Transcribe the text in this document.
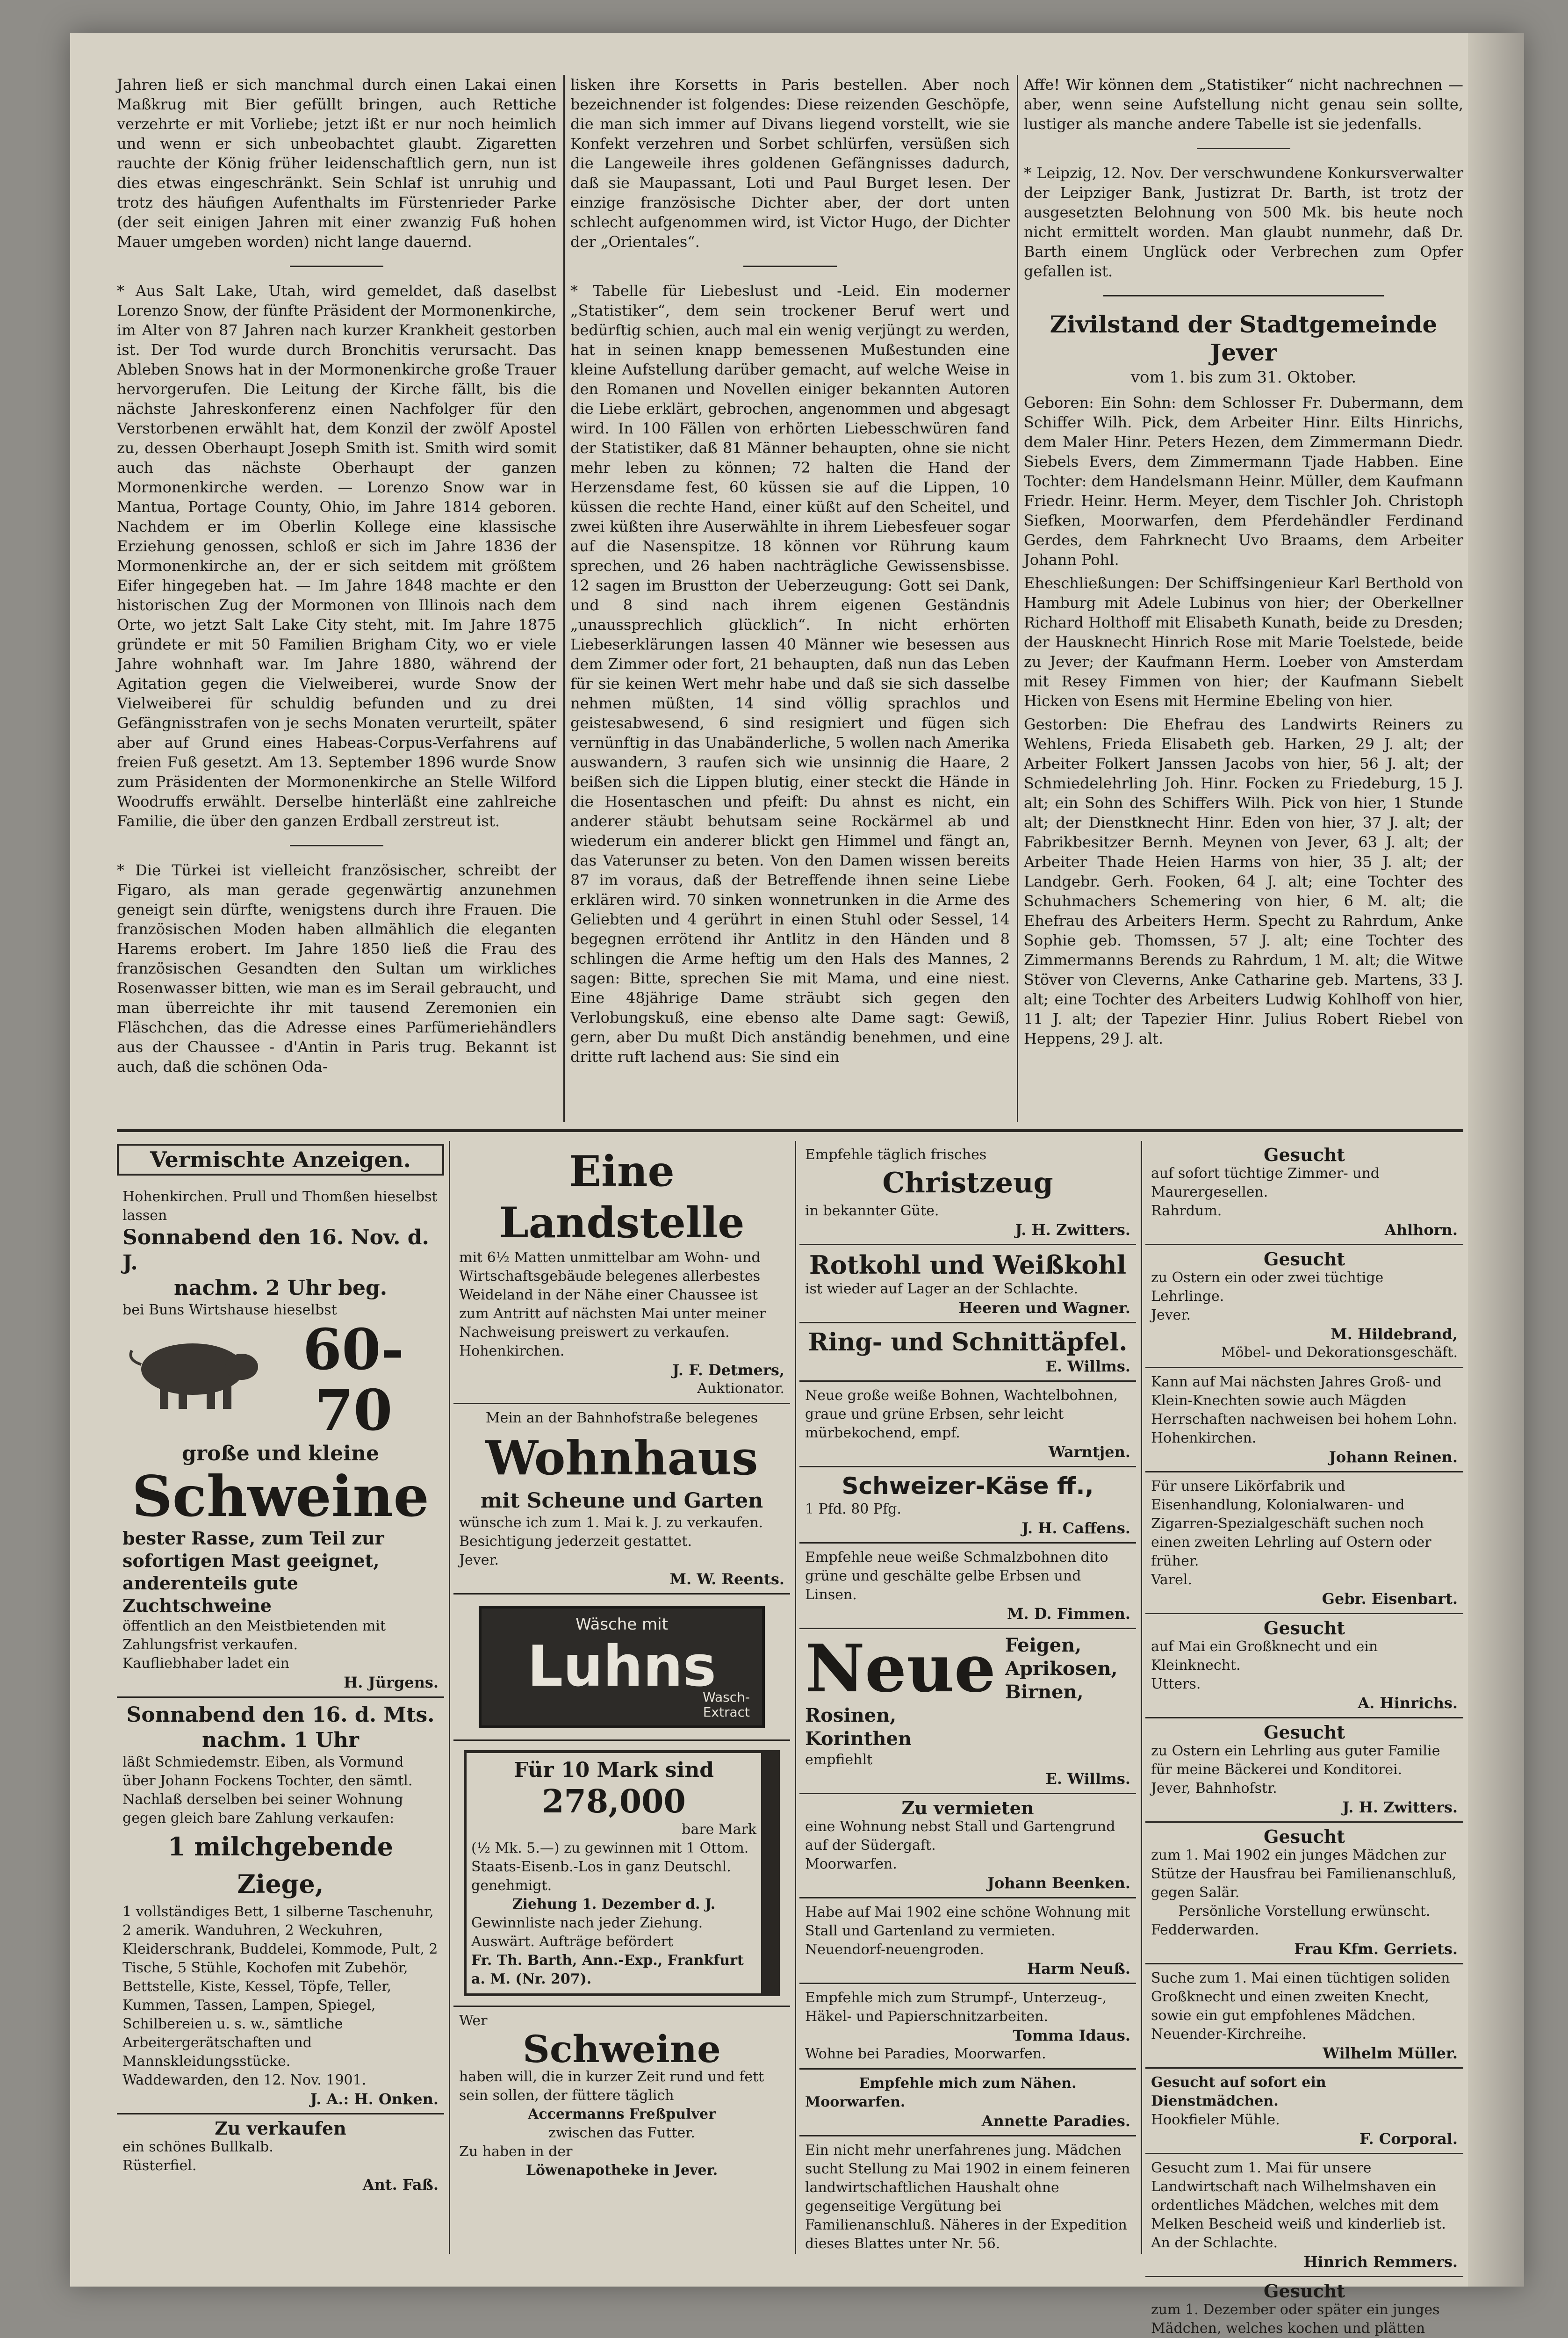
Jahren ließ er sich manchmal durch einen Lakai einen Maßkrug mit Bier gefüllt bringen, auch Rettiche verzehrte er mit Vorliebe; jetzt ißt er nur noch heimlich und wenn er sich unbeobachtet glaubt. Zigaretten rauchte der König früher leidenschaftlich gern, nun ist dies etwas eingeschränkt. Sein Schlaf ist unruhig und trotz des häufigen Aufenthalts im Fürstenrieder Parke (der seit einigen Jahren mit einer zwanzig Fuß hohen Mauer umgeben worden) nicht lange dauernd.

* Aus Salt Lake, Utah, wird gemeldet, daß daselbst Lorenzo Snow, der fünfte Präsident der Mormonenkirche, im Alter von 87 Jahren nach kurzer Krankheit gestorben ist. Der Tod wurde durch Bronchitis verursacht. Das Ableben Snows hat in der Mormonenkirche große Trauer hervorgerufen. Die Leitung der Kirche fällt, bis die nächste Jahreskonferenz einen Nachfolger für den Verstorbenen erwählt hat, dem Konzil der zwölf Apostel zu, dessen Oberhaupt Joseph Smith ist. Smith wird somit auch das nächste Oberhaupt der ganzen Mormonenkirche werden. — Lorenzo Snow war in Mantua, Portage County, Ohio, im Jahre 1814 geboren. Nachdem er im Oberlin Kollege eine klassische Erziehung genossen, schloß er sich im Jahre 1836 der Mormonenkirche an, der er sich seitdem mit größtem Eifer hingegeben hat. — Im Jahre 1848 machte er den historischen Zug der Mormonen von Illinois nach dem Orte, wo jetzt Salt Lake City steht, mit. Im Jahre 1875 gründete er mit 50 Familien Brigham City, wo er viele Jahre wohnhaft war. Im Jahre 1880, während der Agitation gegen die Vielweiberei, wurde Snow der Vielweiberei für schuldig befunden und zu drei Gefängnisstrafen von je sechs Monaten verurteilt, später aber auf Grund eines Habeas-Corpus-Verfahrens auf freien Fuß gesetzt. Am 13. September 1896 wurde Snow zum Präsidenten der Mormonenkirche an Stelle Wilford Woodruffs erwählt. Derselbe hinterläßt eine zahlreiche Familie, die über den ganzen Erdball zerstreut ist.

* Die Türkei ist vielleicht französischer, schreibt der Figaro, als man gerade gegenwärtig anzunehmen geneigt sein dürfte, wenigstens durch ihre Frauen. Die französischen Moden haben allmählich die eleganten Harems erobert. Im Jahre 1850 ließ die Frau des französischen Gesandten den Sultan um wirkliches Rosenwasser bitten, wie man es im Serail gebraucht, und man überreichte ihr mit tausend Zeremonien ein Fläschchen, das die Adresse eines Parfümeriehändlers aus der Chaussee - d'Antin in Paris trug. Bekannt ist auch, daß die schönen Oda-

lisken ihre Korsetts in Paris bestellen. Aber noch bezeichnender ist folgendes: Diese reizenden Geschöpfe, die man sich immer auf Divans liegend vorstellt, wie sie Konfekt verzehren und Sorbet schlürfen, versüßen sich die Langeweile ihres goldenen Gefängnisses dadurch, daß sie Maupassant, Loti und Paul Burget lesen. Der einzige französische Dichter aber, der dort unten schlecht aufgenommen wird, ist Victor Hugo, der Dichter der „Orientales“.

* Tabelle für Liebeslust und -Leid. Ein moderner „Statistiker“, dem sein trockener Beruf wert und bedürftig schien, auch mal ein wenig verjüngt zu werden, hat in seinen knapp bemessenen Mußestunden eine kleine Aufstellung darüber gemacht, auf welche Weise in den Romanen und Novellen einiger bekannten Autoren die Liebe erklärt, gebrochen, angenommen und abgesagt wird. In 100 Fällen von erhörten Liebesschwüren fand der Statistiker, daß 81 Männer behaupten, ohne sie nicht mehr leben zu können; 72 halten die Hand der Herzensdame fest, 60 küssen sie auf die Lippen, 10 küssen die rechte Hand, einer küßt auf den Scheitel, und zwei küßten ihre Auserwählte in ihrem Liebesfeuer sogar auf die Nasenspitze. 18 können vor Rührung kaum sprechen, und 26 haben nachträgliche Gewissensbisse. 12 sagen im Brustton der Ueberzeugung: Gott sei Dank, und 8 sind nach ihrem eigenen Geständnis „unaussprechlich glücklich“. In nicht erhörten Liebeserklärungen lassen 40 Männer wie besessen aus dem Zimmer oder fort, 21 behaupten, daß nun das Leben für sie keinen Wert mehr habe und daß sie sich dasselbe nehmen müßten, 14 sind völlig sprachlos und geistesabwesend, 6 sind resigniert und fügen sich vernünftig in das Unabänderliche, 5 wollen nach Amerika auswandern, 3 raufen sich wie unsinnig die Haare, 2 beißen sich die Lippen blutig, einer steckt die Hände in die Hosentaschen und pfeift: Du ahnst es nicht, ein anderer stäubt behutsam seine Rockärmel ab und wiederum ein anderer blickt gen Himmel und fängt an, das Vaterunser zu beten. Von den Damen wissen bereits 87 im voraus, daß der Betreffende ihnen seine Liebe erklären wird. 70 sinken wonnetrunken in die Arme des Geliebten und 4 gerührt in einen Stuhl oder Sessel, 14 begegnen errötend ihr Antlitz in den Händen und 8 schlingen die Arme heftig um den Hals des Mannes, 2 sagen: Bitte, sprechen Sie mit Mama, und eine niest. Eine 48jährige Dame sträubt sich gegen den Verlobungskuß, eine ebenso alte Dame sagt: Gewiß, gern, aber Du mußt Dich anständig benehmen, und eine dritte ruft lachend aus: Sie sind ein

Affe! Wir können dem „Statistiker“ nicht nachrechnen — aber, wenn seine Aufstellung nicht genau sein sollte, lustiger als manche andere Tabelle ist sie jedenfalls.

* Leipzig, 12. Nov. Der verschwundene Konkursverwalter der Leipziger Bank, Justizrat Dr. Barth, ist trotz der ausgesetzten Belohnung von 500 Mk. bis heute noch nicht ermittelt worden. Man glaubt nunmehr, daß Dr. Barth einem Unglück oder Verbrechen zum Opfer gefallen ist.

Zivilstand der Stadtgemeinde Jever
vom 1. bis zum 31. Oktober.

Geboren: Ein Sohn: dem Schlosser Fr. Dubermann, dem Schiffer Wilh. Pick, dem Arbeiter Hinr. Eilts Hinrichs, dem Maler Hinr. Peters Hezen, dem Zimmermann Diedr. Siebels Evers, dem Zimmermann Tjade Habben. Eine Tochter: dem Handelsmann Heinr. Müller, dem Kaufmann Friedr. Heinr. Herm. Meyer, dem Tischler Joh. Christoph Siefken, Moorwarfen, dem Pferdehändler Ferdinand Gerdes, dem Fahrknecht Uvo Braams, dem Arbeiter Johann Pohl.

Eheschließungen: Der Schiffsingenieur Karl Berthold von Hamburg mit Adele Lubinus von hier; der Oberkellner Richard Holthoff mit Elisabeth Kunath, beide zu Dresden; der Hausknecht Hinrich Rose mit Marie Toelstede, beide zu Jever; der Kaufmann Herm. Loeber von Amsterdam mit Resey Fimmen von hier; der Kaufmann Siebelt Hicken von Esens mit Hermine Ebeling von hier.

Gestorben: Die Ehefrau des Landwirts Reiners zu Wehlens, Frieda Elisabeth geb. Harken, 29 J. alt; der Arbeiter Folkert Janssen Jacobs von hier, 56 J. alt; der Schmiedelehrling Joh. Hinr. Focken zu Friedeburg, 15 J. alt; ein Sohn des Schiffers Wilh. Pick von hier, 1 Stunde alt; der Dienstknecht Hinr. Eden von hier, 37 J. alt; der Fabrikbesitzer Bernh. Meynen von Jever, 63 J. alt; der Arbeiter Thade Heien Harms von hier, 35 J. alt; der Landgebr. Gerh. Fooken, 64 J. alt; eine Tochter des Schuhmachers Schemering von hier, 6 M. alt; die Ehefrau des Arbeiters Herm. Specht zu Rahrdum, Anke Sophie geb. Thomssen, 57 J. alt; eine Tochter des Zimmermanns Berends zu Rahrdum, 1 M. alt; die Witwe Stöver von Cleverns, Anke Catharine geb. Martens, 33 J. alt; eine Tochter des Arbeiters Ludwig Kohlhoff von hier, 11 J. alt; der Tapezier Hinr. Julius Robert Riebel von Heppens, 29 J. alt.

Vermischte Anzeigen.
Hohenkirchen. Prull und Thomßen hieselbst lassen
Sonnabend den 16. Nov. d. J.
nachm. 2 Uhr beg.
bei Buns Wirtshause hieselbst
60-70
große und kleine
Schweine
bester Rasse, zum Teil zur sofortigen Mast geeignet, anderenteils gute Zuchtschweine
öffentlich an den Meistbietenden mit Zahlungsfrist verkaufen.
Kaufliebhaber ladet ein
H. Jürgens.
Sonnabend den 16. d. Mts.
nachm. 1 Uhr
läßt Schmiedemstr. Eiben, als Vormund über Johann Fockens Tochter, den sämtl. Nachlaß derselben bei seiner Wohnung gegen gleich bare Zahlung verkaufen:
1 milchgebende Ziege,
1 vollständiges Bett, 1 silberne Taschenuhr, 2 amerik. Wanduhren, 2 Weckuhren, Kleiderschrank, Buddelei, Kommode, Pult, 2 Tische, 5 Stühle, Kochofen mit Zubehör, Bettstelle, Kiste, Kessel, Töpfe, Teller, Kummen, Tassen, Lampen, Spiegel, Schilbereien u. s. w., sämtliche Arbeitergerätschaften und Mannskleidungsstücke.
Waddewarden, den 12. Nov. 1901.
J. A.: H. Onken.
Zu verkaufen
ein schönes Bullkalb.
Rüsterfiel.
Ant. Faß.
Eine Landstelle
mit 6½ Matten unmittelbar am Wohn- und Wirtschaftsgebäude belegenes allerbestes Weideland in der Nähe einer Chaussee ist zum Antritt auf nächsten Mai unter meiner Nachweisung preiswert zu verkaufen.
Hohenkirchen.
J. F. Detmers,
Auktionator.
Mein an der Bahnhofstraße belegenes
Wohnhaus
mit Scheune und Garten
wünsche ich zum 1. Mai k. J. zu verkaufen. Besichtigung jederzeit gestattet.
Jever.
M. W. Reents.
Wäsche mit
Luhns
Wasch-
Extract
Für 10 Mark sind
278,000
bare Mark
(½ Mk. 5.—) zu gewinnen mit 1 Ottom. Staats-Eisenb.-Los in ganz Deutschl. genehmigt.
Ziehung 1. Dezember d. J.
Gewinnliste nach jeder Ziehung. Auswärt. Aufträge befördert
Fr. Th. Barth, Ann.-Exp., Frankfurt a. M. (Nr. 207).
Wer
Schweine
haben will, die in kurzer Zeit rund und fett sein sollen, der füttere täglich
Accermanns Freßpulver
zwischen das Futter.
Zu haben in der
Löwenapotheke in Jever.
Empfehle täglich frisches
Christzeug
in bekannter Güte.
J. H. Zwitters.
Rotkohl und Weißkohl
ist wieder auf Lager an der Schlachte.
Heeren und Wagner.
Ring- und Schnittäpfel.
E. Willms.
Neue große weiße Bohnen, Wachtelbohnen, graue und grüne Erbsen, sehr leicht mürbekochend, empf.
Warntjen.
Schweizer-Käse ff.,
1 Pfd. 80 Pfg.
J. H. Caffens.
Empfehle neue weiße Schmalzbohnen dito grüne und geschälte gelbe Erbsen und Linsen.
M. D. Fimmen.
Neue Feigen,
Aprikosen,
Birnen,
Rosinen,
Korinthen
empfiehlt
E. Willms.
Zu vermieten
eine Wohnung nebst Stall und Gartengrund auf der Südergaft.
Moorwarfen.
Johann Beenken.
Habe auf Mai 1902 eine schöne Wohnung mit Stall und Gartenland zu vermieten.
Neuendorf-neuengroden.
Harm Neuß.
Empfehle mich zum Strumpf-, Unterzeug-, Häkel- und Papierschnitzarbeiten.
Tomma Idaus.
Wohne bei Paradies, Moorwarfen.
Empfehle mich zum Nähen.
Moorwarfen.
Annette Paradies.
Ein nicht mehr unerfahrenes jung. Mädchen sucht Stellung zu Mai 1902 in einem feineren landwirtschaftlichen Haushalt ohne gegenseitige Vergütung bei Familienanschluß. Näheres in der Expedition dieses Blattes unter Nr. 56.
Gesucht
auf sofort tüchtige Zimmer- und Maurergesellen.
Rahrdum.
Ahlhorn.
Gesucht
zu Ostern ein oder zwei tüchtige Lehrlinge.
Jever.
M. Hildebrand,
Möbel- und Dekorationsgeschäft.
Kann auf Mai nächsten Jahres Groß- und Klein-Knechten sowie auch Mägden Herrschaften nachweisen bei hohem Lohn.
Hohenkirchen.
Johann Reinen.
Für unsere Likörfabrik und Eisenhandlung, Kolonialwaren- und Zigarren-Spezialgeschäft suchen noch einen zweiten Lehrling auf Ostern oder früher.
Varel.
Gebr. Eisenbart.
Gesucht
auf Mai ein Großknecht und ein Kleinknecht.
Utters.
A. Hinrichs.
Gesucht
zu Ostern ein Lehrling aus guter Familie für meine Bäckerei und Konditorei.
Jever, Bahnhofstr.
J. H. Zwitters.
Gesucht
zum 1. Mai 1902 ein junges Mädchen zur Stütze der Hausfrau bei Familienanschluß, gegen Salär.
Persönliche Vorstellung erwünscht.
Fedderwarden.
Frau Kfm. Gerriets.
Suche zum 1. Mai einen tüchtigen soliden Großknecht und einen zweiten Knecht, sowie ein gut empfohlenes Mädchen.
Neuender-Kirchreihe.
Wilhelm Müller.
Gesucht auf sofort ein Dienstmädchen.
Hookfieler Mühle.
F. Corporal.
Gesucht zum 1. Mai für unsere Landwirtschaft nach Wilhelmshaven ein ordentliches Mädchen, welches mit dem Melken Bescheid weiß und kinderlieb ist.
An der Schlachte.
Hinrich Remmers.
Gesucht
zum 1. Dezember oder später ein junges Mädchen, welches kochen und plätten
